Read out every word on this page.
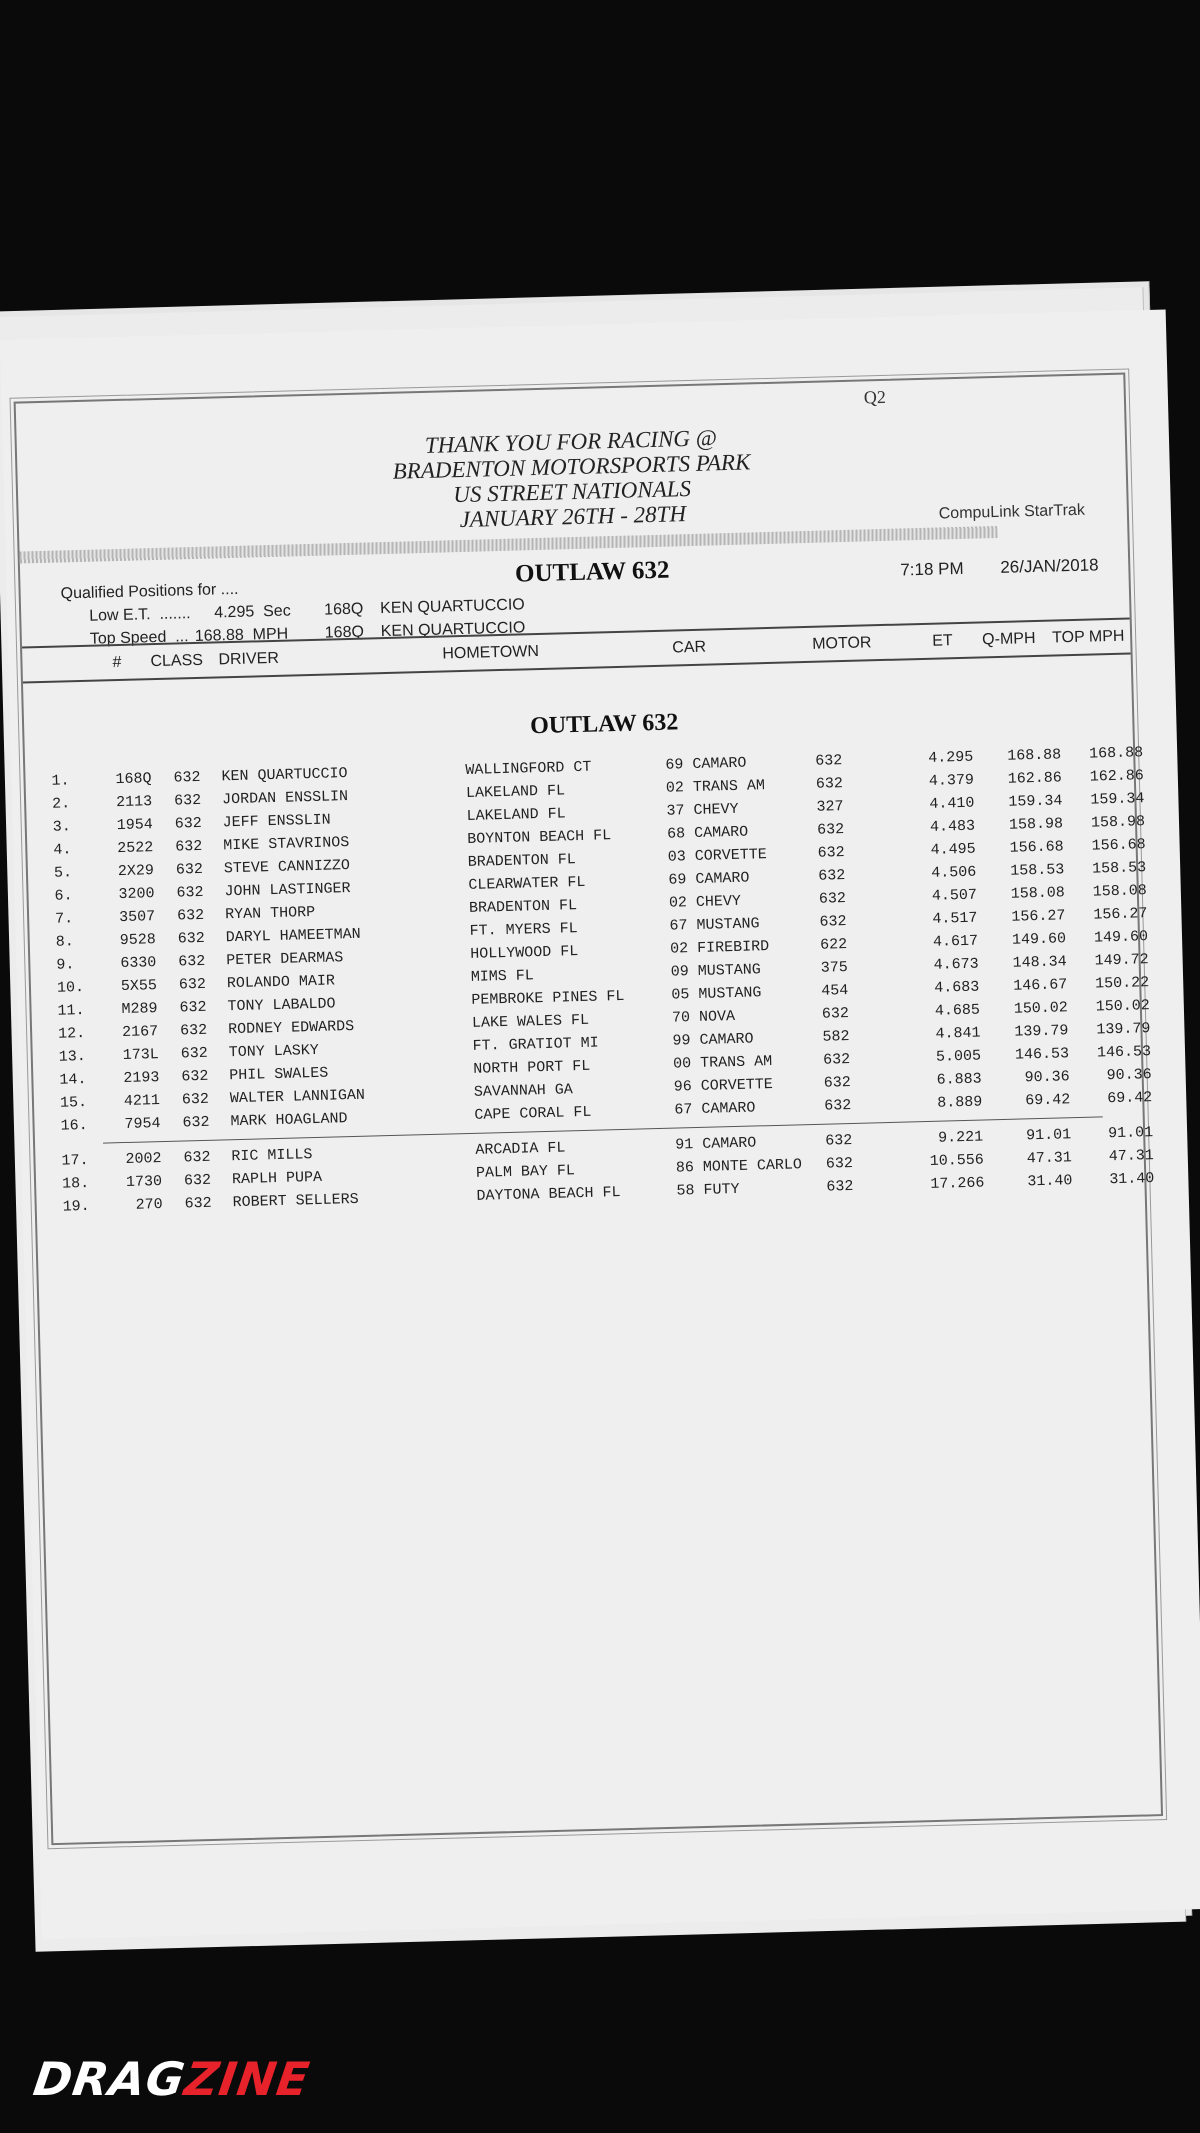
Q2
THANK YOU FOR RACING @
BRADENTON MOTORSPORTS PARK
US STREET NATIONALS
JANUARY 26TH - 28TH	CompuLink StarTrak
Qualified Positions for ....
OUTLAW 632	7:18 PM 26/JAN/2018
Low E.T.  ....... 4.295  Sec 168Q KEN QUARTUCCIO
Top Speed  ... 168.88  MPH 168Q KEN QUARTUCCIO
# CLASS DRIVER	HOMETOWN	CAR	MOTOR	ET Q-MPH TOP MPH
OUTLAW 632
1.	168Q 632 KEN QUARTUCCIO	WALLINGFORD CT	69 CAMARO	632	4.295	168.88	168.88
2.	2113 632 JORDAN ENSSLIN	LAKELAND FL	02 TRANS AM	632	4.379	162.86	162.86
3.	1954 632 JEFF ENSSLIN	LAKELAND FL	37 CHEVY	327	4.410	159.34	159.34
4.	2522 632 MIKE STAVRINOS	BOYNTON BEACH FL	68 CAMARO	632	4.483	158.98	158.98
5.	2X29 632 STEVE CANNIZZO	BRADENTON FL	03 CORVETTE	632	4.495	156.68	156.68
6.	3200 632 JOHN LASTINGER	CLEARWATER FL	69 CAMARO	632	4.506	158.53	158.53
7.	3507 632 RYAN THORP	BRADENTON FL	02 CHEVY	632	4.507	158.08	158.08
8.	9528 632 DARYL HAMEETMAN	FT. MYERS FL	67 MUSTANG	632	4.517	156.27	156.27
9.	6330 632 PETER DEARMAS	HOLLYWOOD FL	02 FIREBIRD	622	4.617	149.60	149.60
10.	5X55 632 ROLANDO MAIR	MIMS FL	09 MUSTANG	375	4.673	148.34	149.72
11.	M289 632 TONY LABALDO	PEMBROKE PINES FL	05 MUSTANG	454	4.683	146.67	150.22
12.	2167 632 RODNEY EDWARDS	LAKE WALES FL	70 NOVA	632	4.685	150.02	150.02
13.	173L 632 TONY LASKY	FT. GRATIOT MI	99 CAMARO	582	4.841	139.79	139.79
14.	2193 632 PHIL SWALES	NORTH PORT FL	00 TRANS AM	632	5.005	146.53	146.53
15.	4211 632 WALTER LANNIGAN	SAVANNAH GA	96 CORVETTE	632	6.883	90.36	90.36
16.	7954 632 MARK HOAGLAND	CAPE CORAL FL	67 CAMARO	632	8.889	69.42	69.42
17.	2002 632 RIC MILLS	ARCADIA FL	91 CAMARO	632	9.221	91.01	91.01
18.	1730 632 RAPLH PUPA	PALM BAY FL	86 MONTE CARLO 632	10.556	47.31	47.31
19.	270 632 ROBERT SELLERS	DAYTONA BEACH FL	58 FUTY	632	17.266	31.40	31.40
DRAGZINE
